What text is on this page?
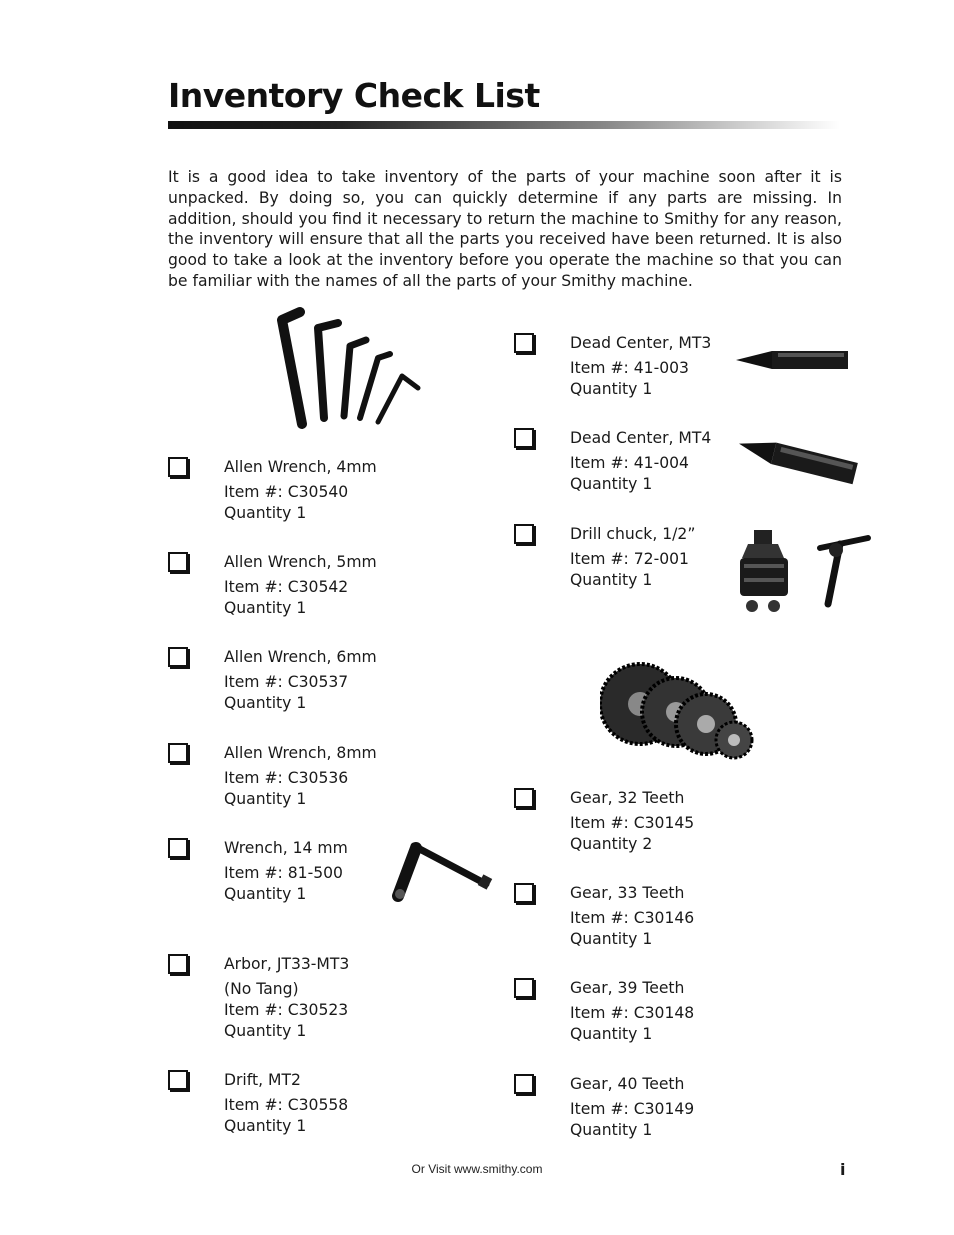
Inventory Check List

It is a good idea to take inventory of the parts of your machine soon after it is unpacked. By doing so, you can quickly determine if any parts are missing. In addition, should you find it necessary to return the machine to Smithy for any reason, the inventory will ensure that all the parts you received have been returned. It is also good to take a look at the inventory before you operate the machine so that you can be familiar with the names of all the parts of your Smithy machine.

Allen Wrench, 4mm
Item #: C30540
Quantity 1
Allen Wrench, 5mm
Item #: C30542
Quantity 1
Allen Wrench, 6mm
Item #: C30537
Quantity 1
Allen Wrench, 8mm
Item #: C30536
Quantity 1
Wrench, 14 mm
Item #: 81-500
Quantity 1
Arbor, JT33-MT3
(No Tang)
Item #: C30523
Quantity 1
Drift, MT2
Item #: C30558
Quantity 1
Dead Center, MT3
Item #: 41-003
Quantity 1
Dead Center, MT4
Item #: 41-004
Quantity 1
Drill chuck, 1/2”
Item #: 72-001
Quantity 1
Gear, 32 Teeth
Item #: C30145
Quantity 2
Gear, 33 Teeth
Item #: C30146
Quantity 1
Gear, 39 Teeth
Item #: C30148
Quantity 1
Gear, 40 Teeth
Item #: C30149
Quantity 1
Or Visit www.smithy.com	i
